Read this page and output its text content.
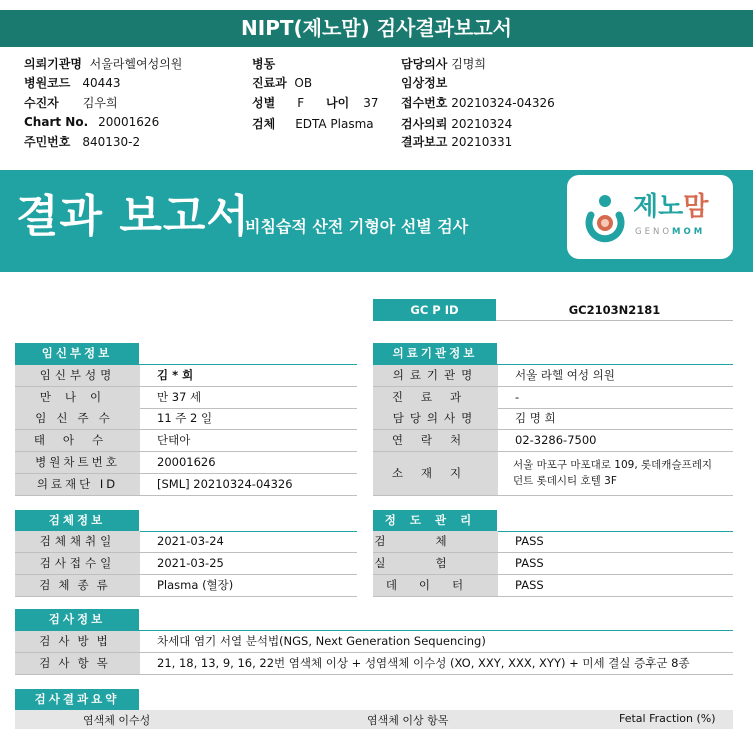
NIPT(제노맘) 검사결과보고서
의뢰기관명 서울라헬여성의원
병원코드 40443
수진자 김우희
Chart No. 20001626
주민번호 840130-2
병동
진료과 OB
성별 F 나이 37
검체 EDTA Plasma
담당의사 김명희
임상정보
접수번호 20210324-04326
검사의뢰 20210324
결과보고 20210331
결과 보고서
비침습적 산전 기형아 선별 검사
제노맘
GENOMOM
GC P ID	GC2103N2181
임신부정보
임신부성명	김 * 희
만나이	만 37 세
임신주수	11 주 2 일
태아수	단태아
병원차트번호	20001626
의료재단 ID	[SML] 20210324-04326
의료기관정보
의료기관명	서울 라헬 여성 의원
진료과	-
담당의사명	김 명 희
연락처	02-3286-7500
소재지
서울 마포구 마포대로 109, 롯데캐슬프레지
던트 롯데시티 호텔 3F
검체정보
검체채취일	2021-03-24
검사접수일	2021-03-25
검체종류	Plasma (혈장)
정도관리
검체 PASS
실험 PASS
데이터	PASS
검사정보
검사방법	차세대 염기 서열 분석법(NGS, Next Generation Sequencing)
검사항목	21, 18, 13, 9, 16, 22번 염색체 이상 + 성염색체 이수성 (XO, XXY, XXX, XYY) + 미세 결실 증후군 8종
검사결과요약
염색체 이수성	염색체 이상 항목	Fetal Fraction (%)
